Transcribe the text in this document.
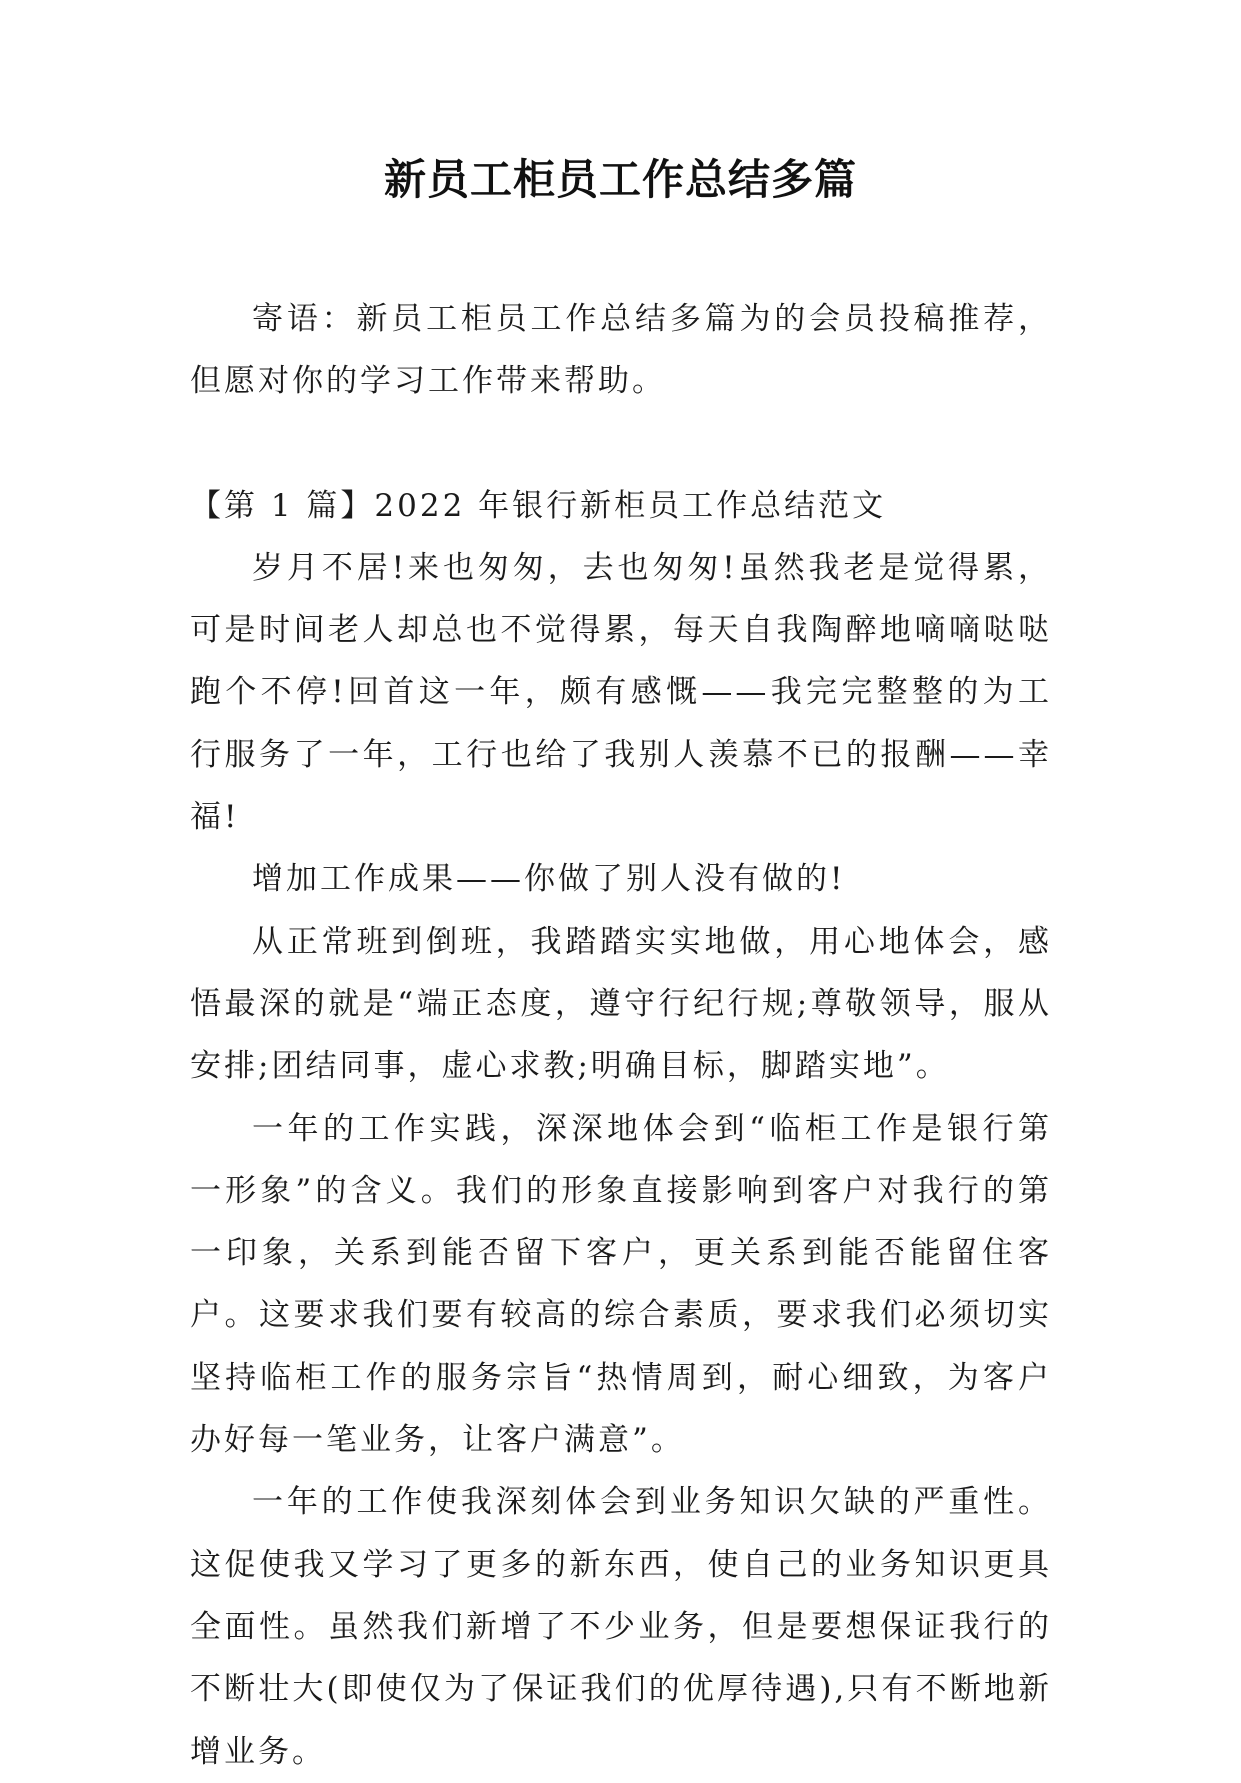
新员工柜员工作总结多篇

寄语：新员工柜员工作总结多篇为的会员投稿推荐，但愿对你的学习工作带来帮助。

【第 1 篇】2022 年银行新柜员工作总结范文

岁月不居!来也匆匆，去也匆匆!虽然我老是觉得累，可是时间老人却总也不觉得累，每天自我陶醉地嘀嘀哒哒跑个不停!回首这一年，颇有感慨——我完完整整的为工行服务了一年，工行也给了我别人羡慕不已的报酬——幸福!

增加工作成果——你做了别人没有做的!

从正常班到倒班，我踏踏实实地做，用心地体会，感悟最深的就是“端正态度，遵守行纪行规;尊敬领导，服从安排;团结同事，虚心求教;明确目标，脚踏实地”。

一年的工作实践，深深地体会到“临柜工作是银行第一形象”的含义。我们的形象直接影响到客户对我行的第一印象，关系到能否留下客户，更关系到能否能留住客户。这要求我们要有较高的综合素质，要求我们必须切实坚持临柜工作的服务宗旨“热情周到，耐心细致，为客户办好每一笔业务，让客户满意”。

一年的工作使我深刻体会到业务知识欠缺的严重性。这促使我又学习了更多的新东西，使自己的业务知识更具全面性。虽然我们新增了不少业务，但是要想保证我行的不断壮大(即使仅为了保证我们的优厚待遇),只有不断地新增业务。
